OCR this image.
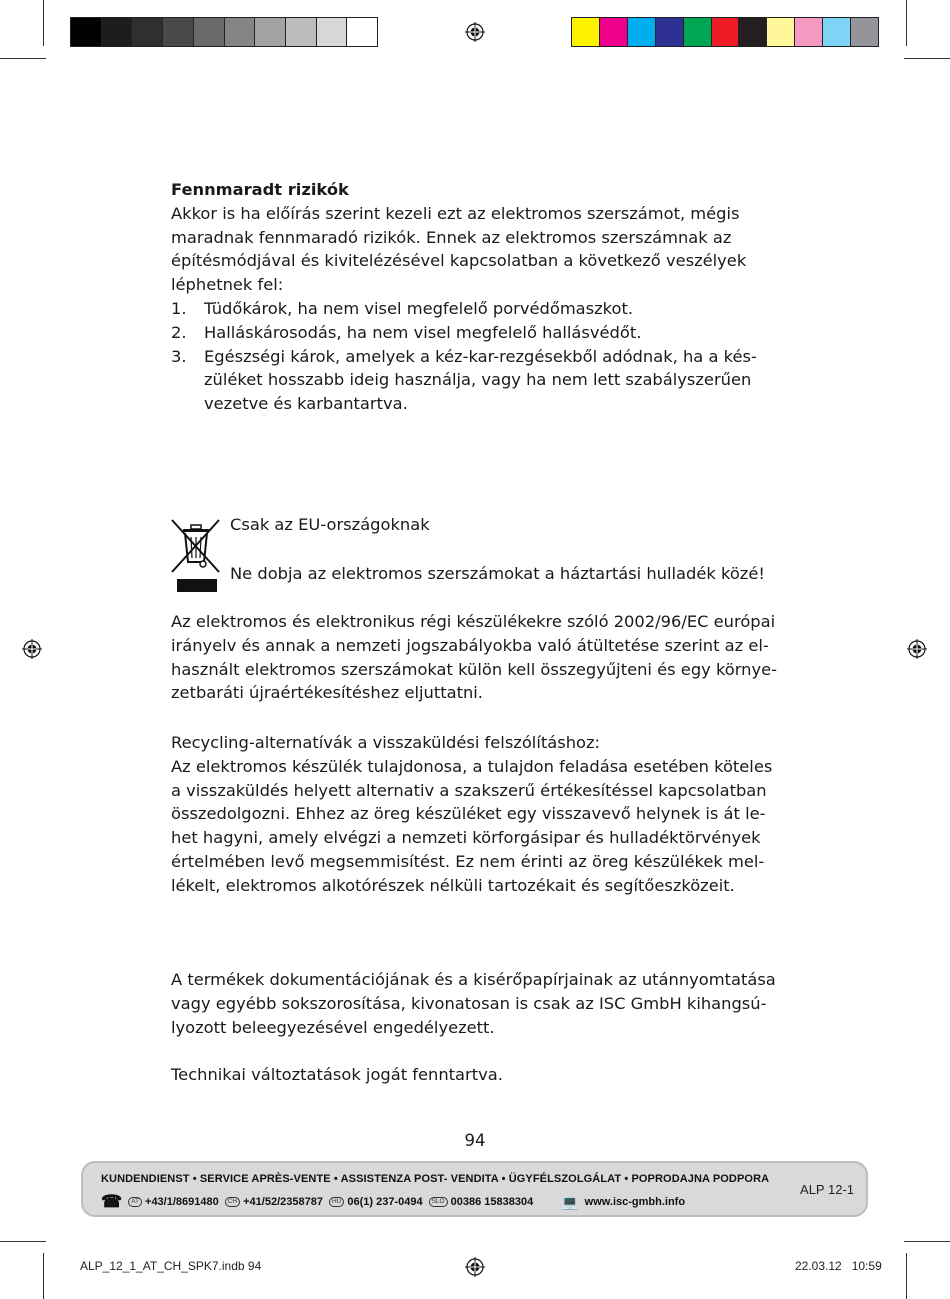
Fennmaradt rizikók
Akkor is ha előírás szerint kezeli ezt az elektromos szerszámot, mégis
maradnak fennmaradó rizikók. Ennek az elektromos szerszámnak az
építésmódjával és kivitelézésével kapcsolatban a következő veszélyek
léphetnek fel:
1. Tüdőkárok, ha nem visel megfelelő porvédőmaszkot.
2. Halláskárosodás, ha nem visel megfelelő hallásvédőt.
3. Egészségi károk, amelyek a kéz-kar-rezgésekből adódnak, ha a kés-
züléket hosszabb ideig használja, vagy ha nem lett szabályszerűen
vezetve és karbantartva.
Csak az EU-országoknak
Ne dobja az elektromos szerszámokat a háztartási hulladék közé!
Az elektromos és elektronikus régi készülékekre szóló 2002/96/EC európai
irányelv és annak a nemzeti jogszabályokba való átültetése szerint az el-
használt elektromos szerszámokat külön kell összegyűjteni és egy környe-
zetbaráti újraértékesítéshez eljuttatni.
Recycling-alternatívák a visszaküldési felszólításhoz:
Az elektromos készülék tulajdonosa, a tulajdon feladása esetében köteles
a visszaküldés helyett alternativ a szakszerű értékesítéssel kapcsolatban
összedolgozni. Ehhez az öreg készüléket egy visszavevő helynek is át le-
het hagyni, amely elvégzi a nemzeti körforgásipar és hulladéktörvények
értelmében levő megsemmisítést. Ez nem érinti az öreg készülékek mel-
lékelt, elektromos alkotórészek nélküli tartozékait és segítőeszközeit.
A termékek dokumentációjának és a kisérőpapírjainak az utánnyomtatása
vagy egyébb sokszorosítása, kivonatosan is csak az ISC GmbH kihangsú-
lyozott beleegyezésével engedélyezett.
Technikai változtatások jogát fenntartva.
94
KUNDENDIENST • SERVICE APRÈS-VENTE • ASSISTENZA POST- VENDITA • ÜGYFÉLSZOLGÁLAT • POPRODAJNA PODPORA
☎	AT +43/1/8691480	CH +41/52/2358787	HU 06(1) 237-0494	SLO 00386 15838304 💻 www.isc-gmbh.info
ALP 12-1
ALP_12_1_AT_CH_SPK7.indb 94	22.03.12   10:59
